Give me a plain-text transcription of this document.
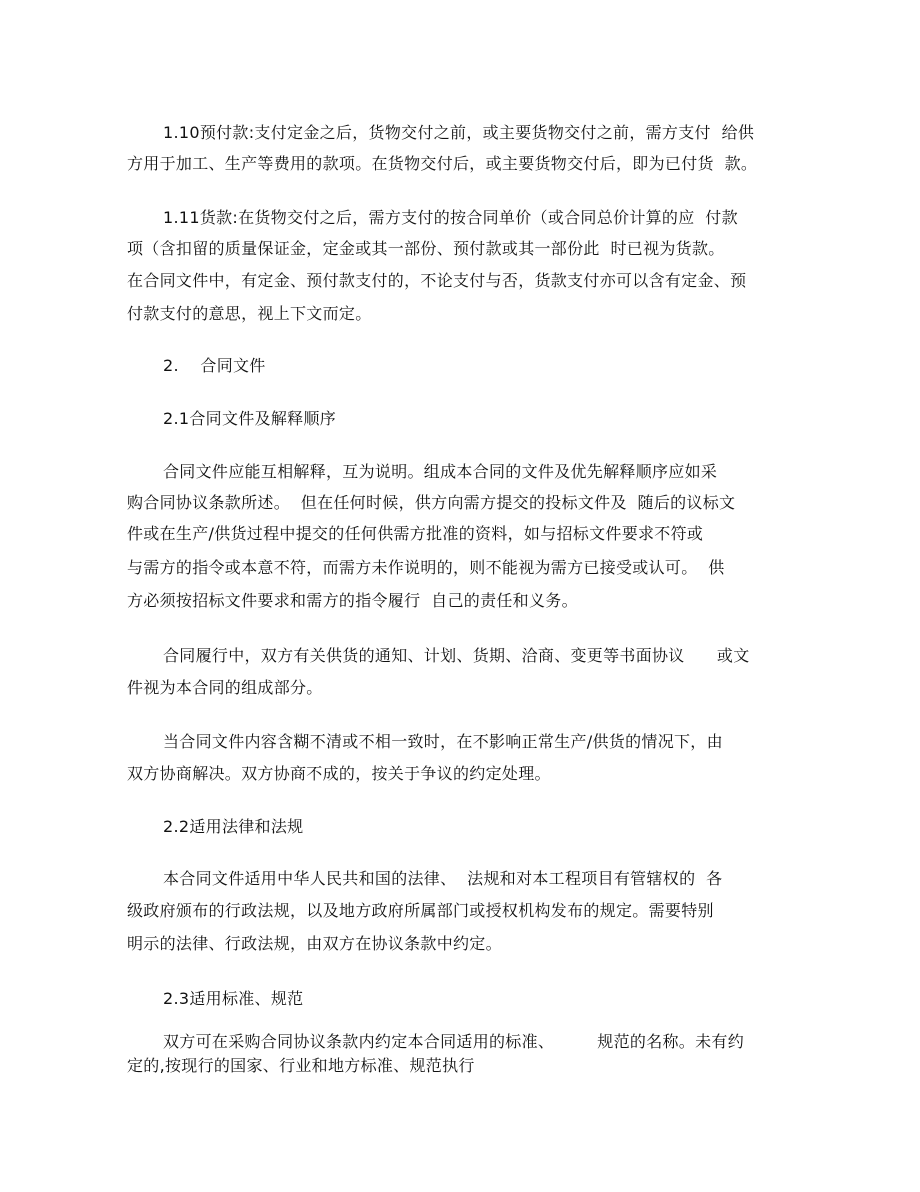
1.10预付款:支付定金之后，货物交付之前，或主要货物交付之前，需方支付  给供
方用于加工、生产等费用的款项。在货物交付后，或主要货物交付后，即为已付货  款。
1.11货款:在货物交付之后，需方支付的按合同单价（或合同总价计算的应  付款
项（含扣留的质量保证金，定金或其一部份、预付款或其一部份此  时已视为货款。
在合同文件中，有定金、预付款支付的，不论支付与否，货款支付亦可以含有定金、预
付款支付的意思，视上下文而定。
2.    合同文件
2.1合同文件及解释顺序
合同文件应能互相解释，互为说明。组成本合同的文件及优先解释顺序应如采
购合同协议条款所述。  但在任何时候，供方向需方提交的投标文件及  随后的议标文
件或在生产/供货过程中提交的任何供需方批准的资料，如与招标文件要求不符或
与需方的指令或本意不符，而需方未作说明的，则不能视为需方已接受或认可。  供
方必须按招标文件要求和需方的指令履行  自己的责任和义务。
合同履行中，双方有关供货的通知、计划、货期、洽商、变更等书面协议      或文
件视为本合同的组成部分。
当合同文件内容含糊不清或不相一致时，在不影响正常生产/供货的情况下，由
双方协商解决。双方协商不成的，按关于争议的约定处理。
2.2适用法律和法规
本合同文件适用中华人民共和国的法律、  法规和对本工程项目有管辖权的  各
级政府颁布的行政法规，以及地方政府所属部门或授权机构发布的规定。需要特别
明示的法律、行政法规，由双方在协议条款中约定。
2.3适用标准、规范
双方可在采购合同协议条款内约定本合同适用的标准、        规范的名称。未有约
定的,按现行的国家、行业和地方标准、规范执行
